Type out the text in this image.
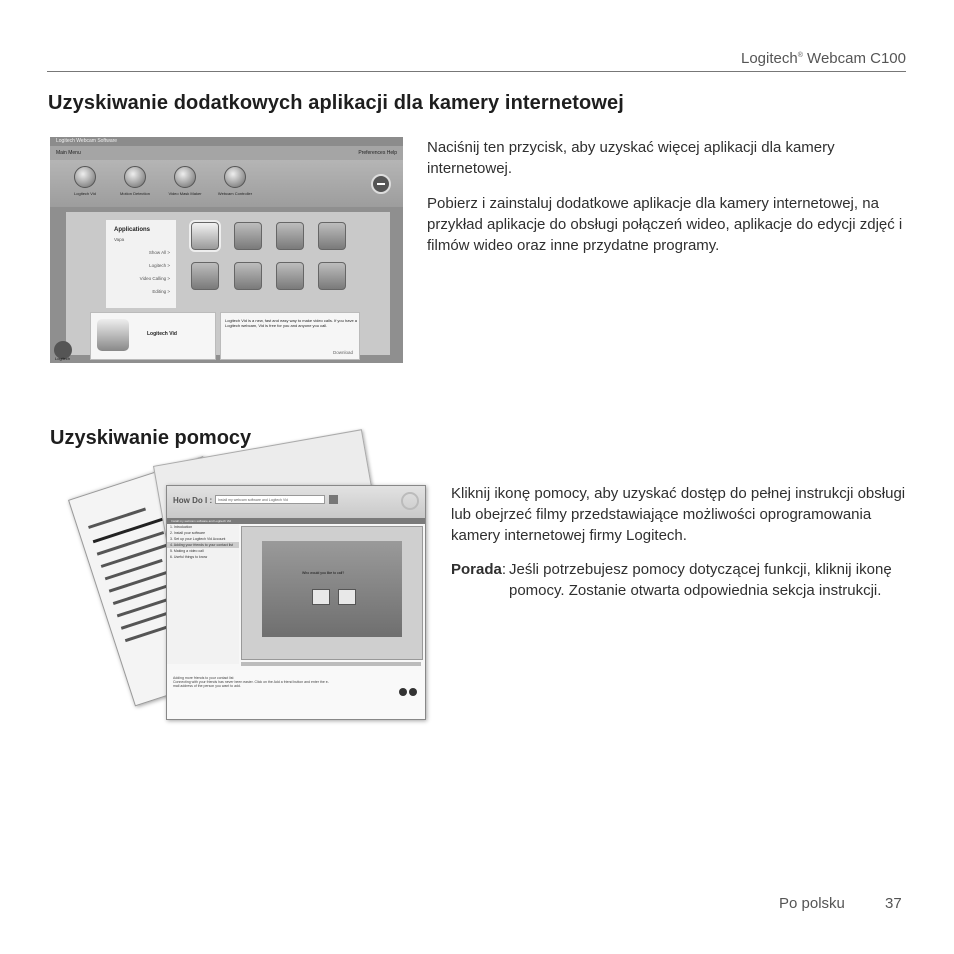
Logitech® Webcam C100
Uzyskiwanie dodatkowych aplikacji dla kamery internetowej
Logitech Webcam Software
Main Menu	Preferences Help
Logitech Vid	Motion Detection	Video Mask Maker	Webcam Controller
Applications
Vapa
Show All >
Logitech >
Video Calling >
Editing >
Logitech Vid
Logitech Vid is a new, fast and easy way to make video calls. If you have a Logitech webcam, Vid is free for you and anyone you call.
Download
Logitech

Naciśnij ten przycisk, aby uzyskać więcej aplikacji dla kamery internetowej.

Pobierz i zainstaluj dodatkowe aplikacje dla kamery internetowej, na przykład aplikacje do obsługi połączeń wideo, aplikacje do edycji zdjęć i filmów wideo oraz inne przydatne programy.

Uzyskiwanie pomocy
How Do I :	Install my webcam software and Logitech Vid
Install my webcam software and Logitech Vid
1. Introduction
2. Install your software
3. Set up your Logitech Vid Account
4. Adding your friends to your contact list
5. Making a video call
6. Useful things to know
Who would you like to call?
Adding more friends to your contact list
Connecting with your friends has never been easier. Click on the Add a friend button and enter the e-mail address of the person you want to add.

Kliknij ikonę pomocy, aby uzyskać dostęp do pełnej instrukcji obsługi lub obejrzeć filmy przedstawiające możliwości oprogramowania kamery internetowej firmy Logitech.

Porada: Jeśli potrzebujesz pomocy dotyczącej funkcji, kliknij ikonę pomocy. Zostanie otwarta odpowiednia sekcja instrukcji.
Po polsku	37
